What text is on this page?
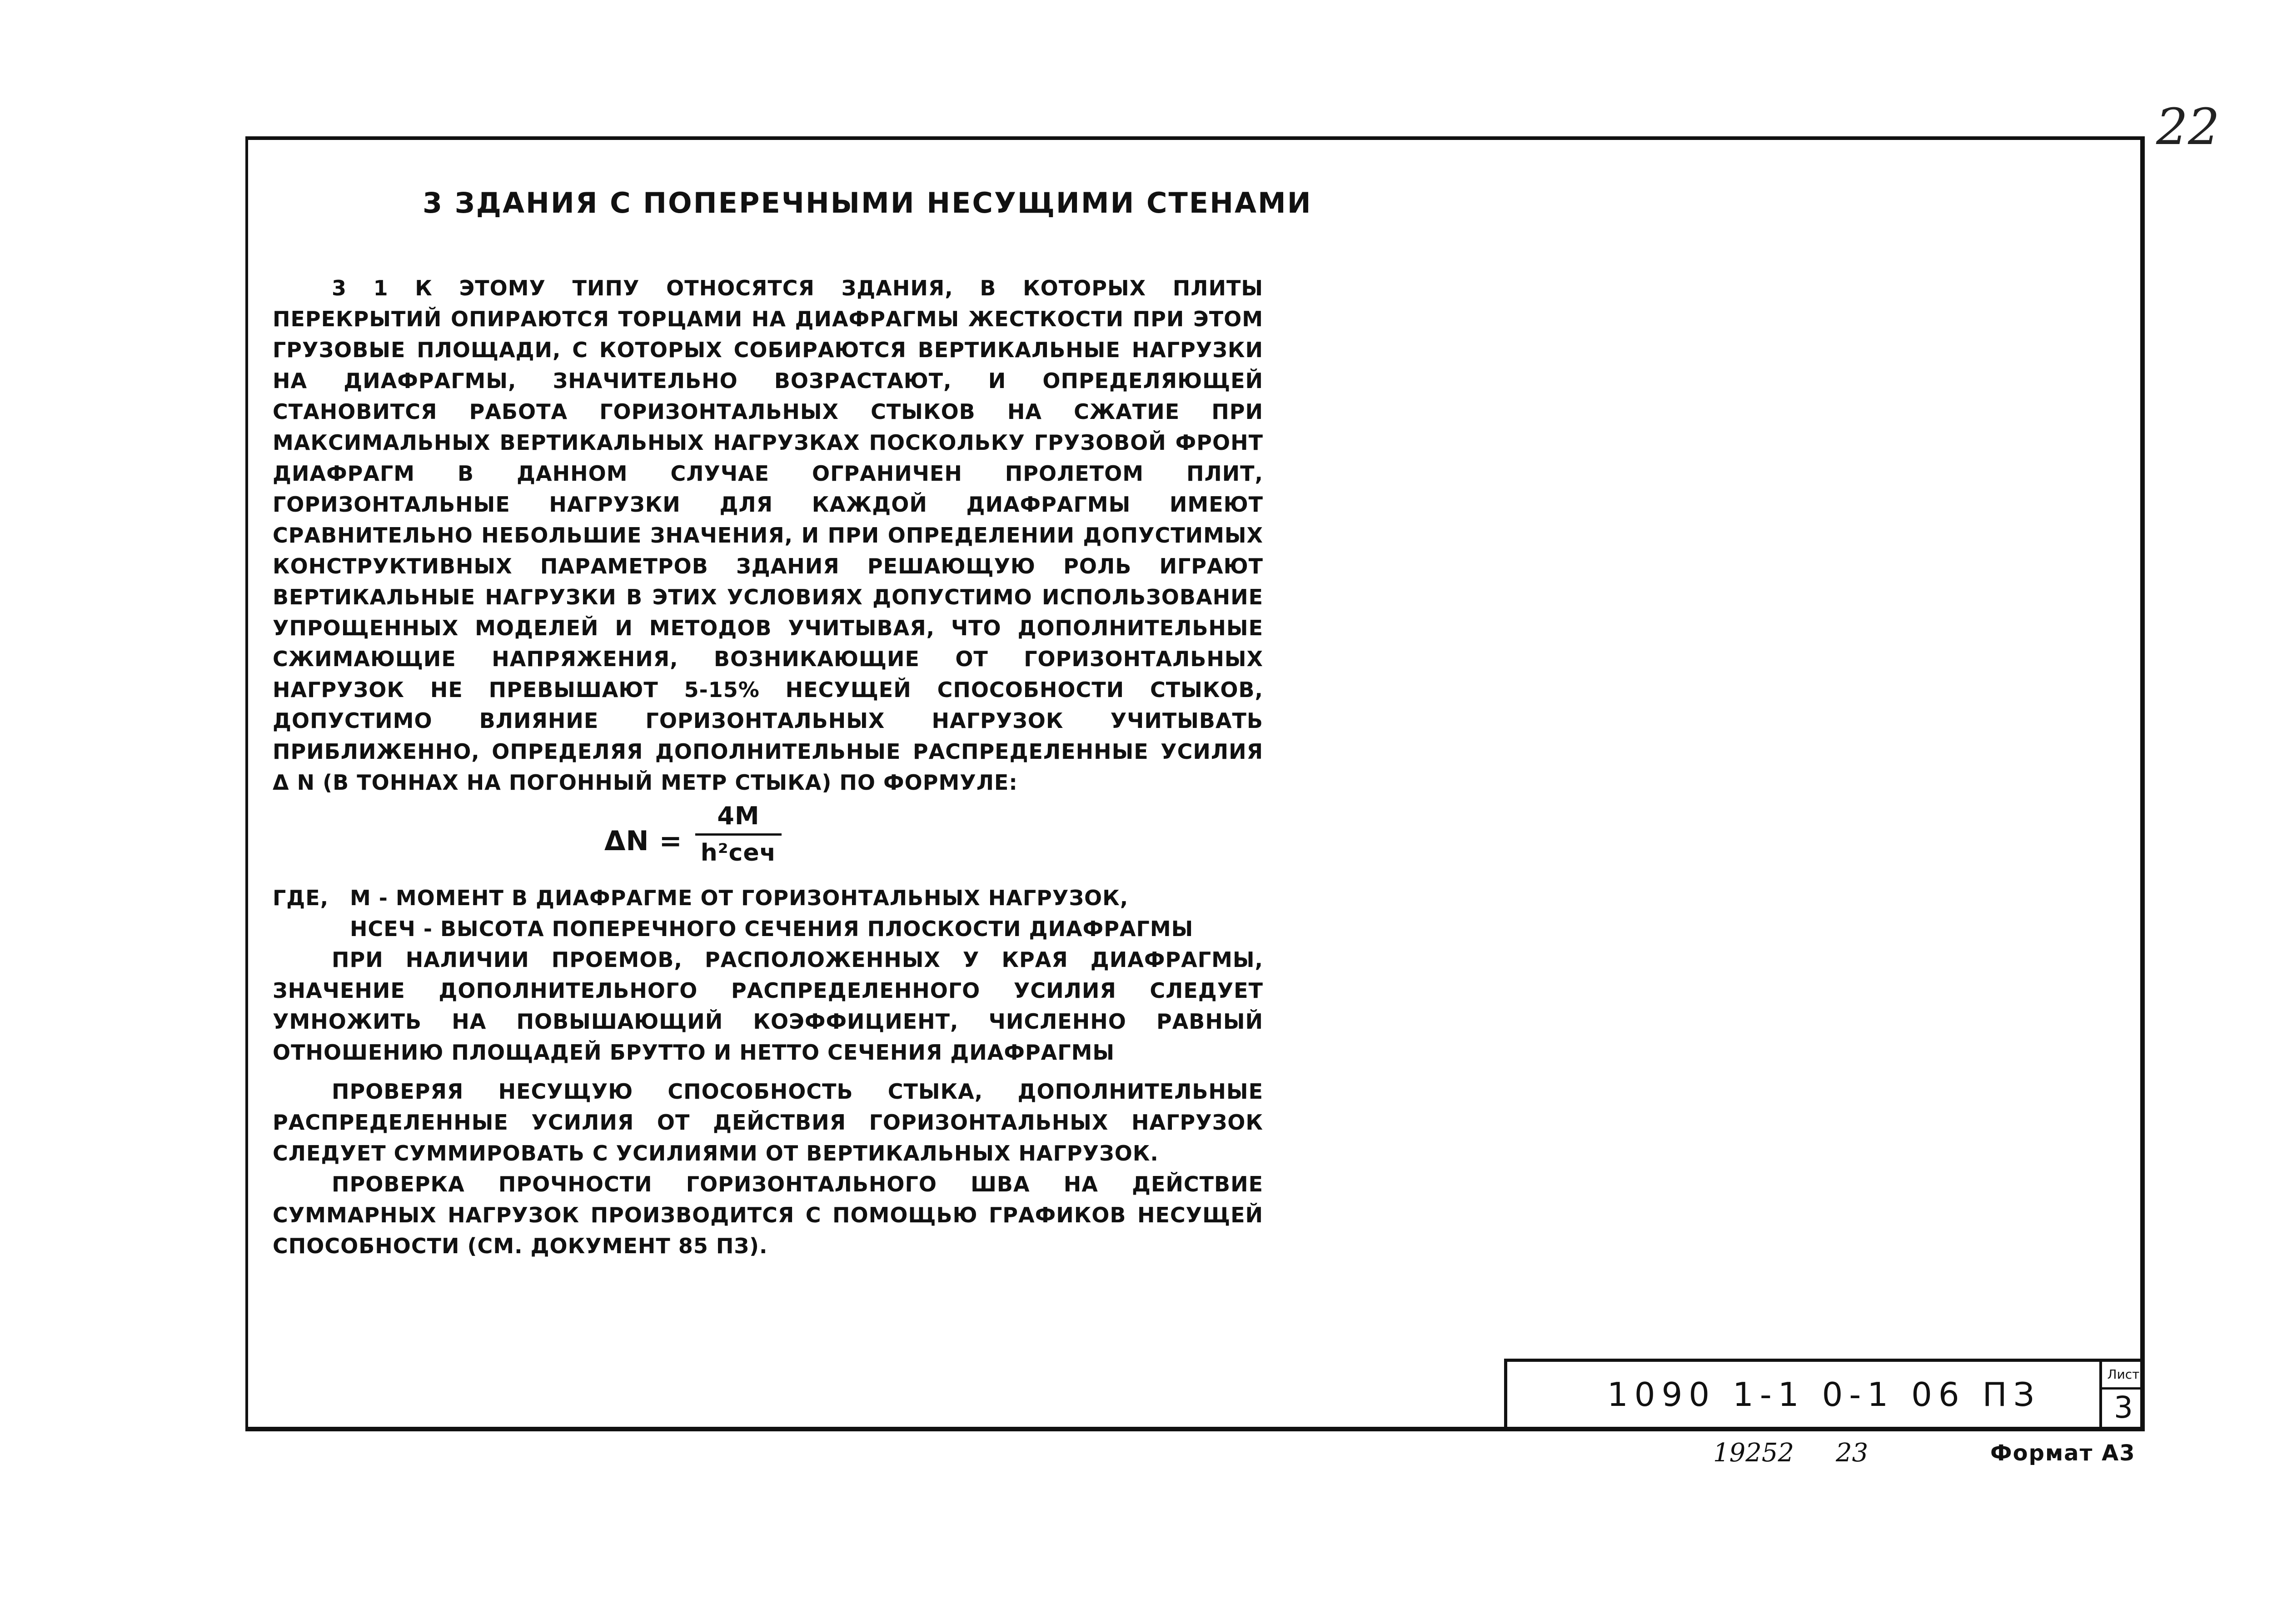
22
3 ЗДАНИЯ С ПОПЕРЕЧНЫМИ НЕСУЩИМИ СТЕНАМИ

3 1 К ЭТОМУ ТИПУ ОТНОСЯТСЯ ЗДАНИЯ, В КОТОРЫХ ПЛИТЫ ПЕРЕКРЫТИЙ ОПИРАЮТСЯ ТОРЦАМИ НА ДИАФРАГМЫ ЖЕСТКОСТИ ПРИ ЭТОМ ГРУЗОВЫЕ ПЛОЩАДИ, С КОТОРЫХ СОБИРАЮТСЯ ВЕРТИКАЛЬНЫЕ НАГРУЗКИ НА ДИАФРАГМЫ, ЗНАЧИТЕЛЬНО ВОЗРАСТАЮТ, И ОПРЕДЕЛЯЮЩЕЙ СТАНОВИТСЯ РАБОТА ГОРИЗОНТАЛЬНЫХ СТЫКОВ НА СЖАТИЕ ПРИ МАКСИМАЛЬНЫХ ВЕРТИКАЛЬНЫХ НАГРУЗКАХ ПОСКОЛЬКУ ГРУЗОВОЙ ФРОНТ ДИАФРАГМ В ДАННОМ СЛУЧАЕ ОГРАНИЧЕН ПРОЛЕТОМ ПЛИТ, ГОРИЗОНТАЛЬНЫЕ НАГРУЗКИ ДЛЯ КАЖДОЙ ДИАФРАГМЫ ИМЕЮТ СРАВНИТЕЛЬНО НЕБОЛЬШИЕ ЗНАЧЕНИЯ, И ПРИ ОПРЕДЕЛЕНИИ ДОПУСТИМЫХ КОНСТРУКТИВНЫХ ПАРАМЕТРОВ ЗДАНИЯ РЕШАЮЩУЮ РОЛЬ ИГРАЮТ ВЕРТИКАЛЬНЫЕ НАГРУЗКИ В ЭТИХ УСЛОВИЯХ ДОПУСТИМО ИСПОЛЬЗОВАНИЕ УПРОЩЕННЫХ МОДЕЛЕЙ И МЕТОДОВ УЧИТЫВАЯ, ЧТО ДОПОЛНИТЕЛЬНЫЕ СЖИМАЮЩИЕ НАПРЯЖЕНИЯ, ВОЗНИКАЮЩИЕ ОТ ГОРИЗОНТАЛЬНЫХ НАГРУЗОК НЕ ПРЕВЫШАЮТ 5-15% НЕСУЩЕЙ СПОСОБНОСТИ СТЫКОВ, ДОПУСТИМО ВЛИЯНИЕ ГОРИЗОНТАЛЬНЫХ НАГРУЗОК УЧИТЫВАТЬ ПРИБЛИЖЕННО, ОПРЕДЕЛЯЯ ДОПОЛНИТЕЛЬНЫЕ РАСПРЕДЕЛЕННЫЕ УСИЛИЯ Δ N (В ТОННАХ НА ПОГОННЫЙ МЕТР СТЫКА) ПО ФОРМУЛЕ:

ΔN =
4M
h²сеч
ГДЕ,	M - МОМЕНТ В ДИАФРАГМЕ ОТ ГОРИЗОНТАЛЬНЫХ НАГРУЗОК,
HСЕЧ - ВЫСОТА ПОПЕРЕЧНОГО СЕЧЕНИЯ ПЛОСКОСТИ ДИАФРАГМЫ

ПРИ НАЛИЧИИ ПРОЕМОВ, РАСПОЛОЖЕННЫХ У КРАЯ ДИАФРАГМЫ, ЗНАЧЕНИЕ ДОПОЛНИТЕЛЬНОГО РАСПРЕДЕЛЕННОГО УСИЛИЯ СЛЕДУЕТ УМНОЖИТЬ НА ПОВЫШАЮЩИЙ КОЭФФИЦИЕНТ, ЧИСЛЕННО РАВНЫЙ ОТНОШЕНИЮ ПЛОЩАДЕЙ БРУТТО И НЕТТО СЕЧЕНИЯ ДИАФРАГМЫ

ПРОВЕРЯЯ НЕСУЩУЮ СПОСОБНОСТЬ СТЫКА, ДОПОЛНИТЕЛЬНЫЕ РАСПРЕДЕЛЕННЫЕ УСИЛИЯ ОТ ДЕЙСТВИЯ ГОРИЗОНТАЛЬНЫХ НАГРУЗОК СЛЕДУЕТ СУММИРОВАТЬ С УСИЛИЯМИ ОТ ВЕРТИКАЛЬНЫХ НАГРУЗОК.

ПРОВЕРКА ПРОЧНОСТИ ГОРИЗОНТАЛЬНОГО ШВА НА ДЕЙСТВИЕ СУММАРНЫХ НАГРУЗОК ПРОИЗВОДИТСЯ С ПОМОЩЬЮ ГРАФИКОВ НЕСУЩЕЙ СПОСОБНОСТИ (СМ. ДОКУМЕНТ 85 ПЗ).

1090 1-1 0-1 06 ПЗ
Лист
3
19252 23	Формат А3
